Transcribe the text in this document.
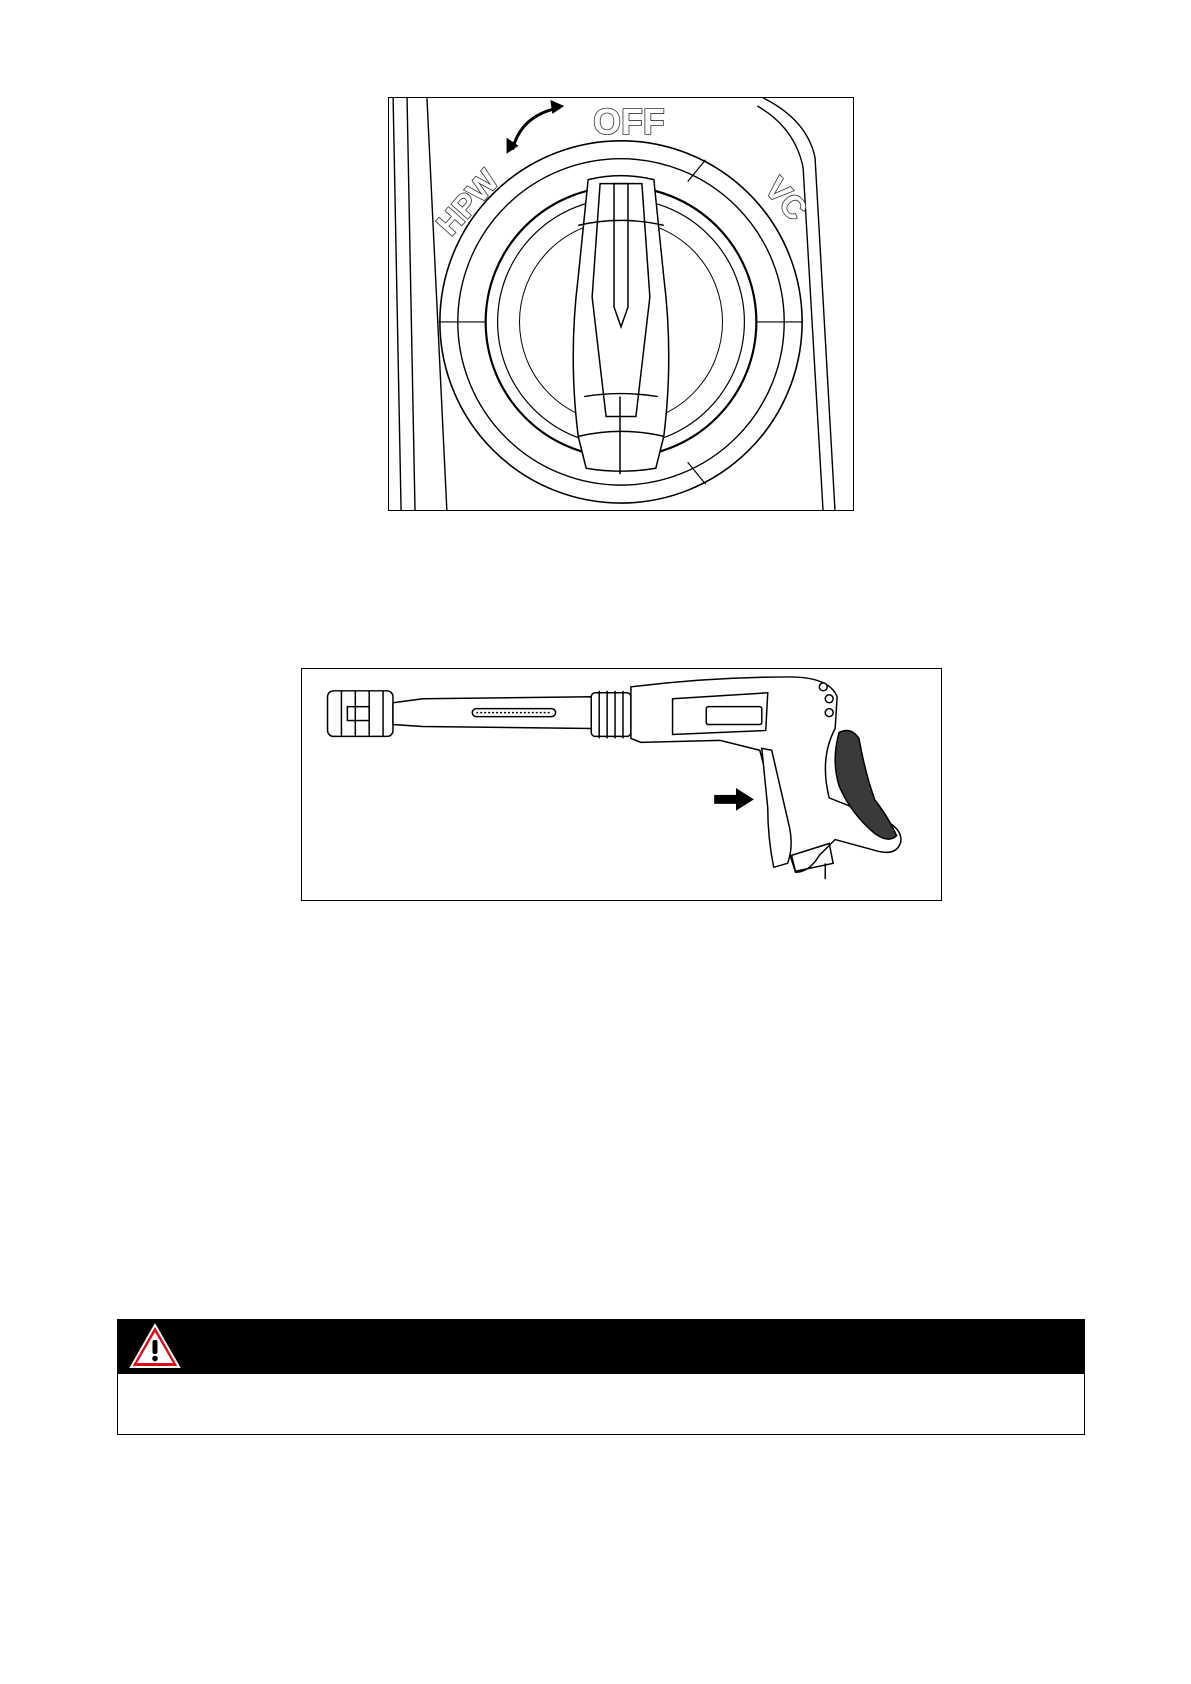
OFF
HPW	VC
